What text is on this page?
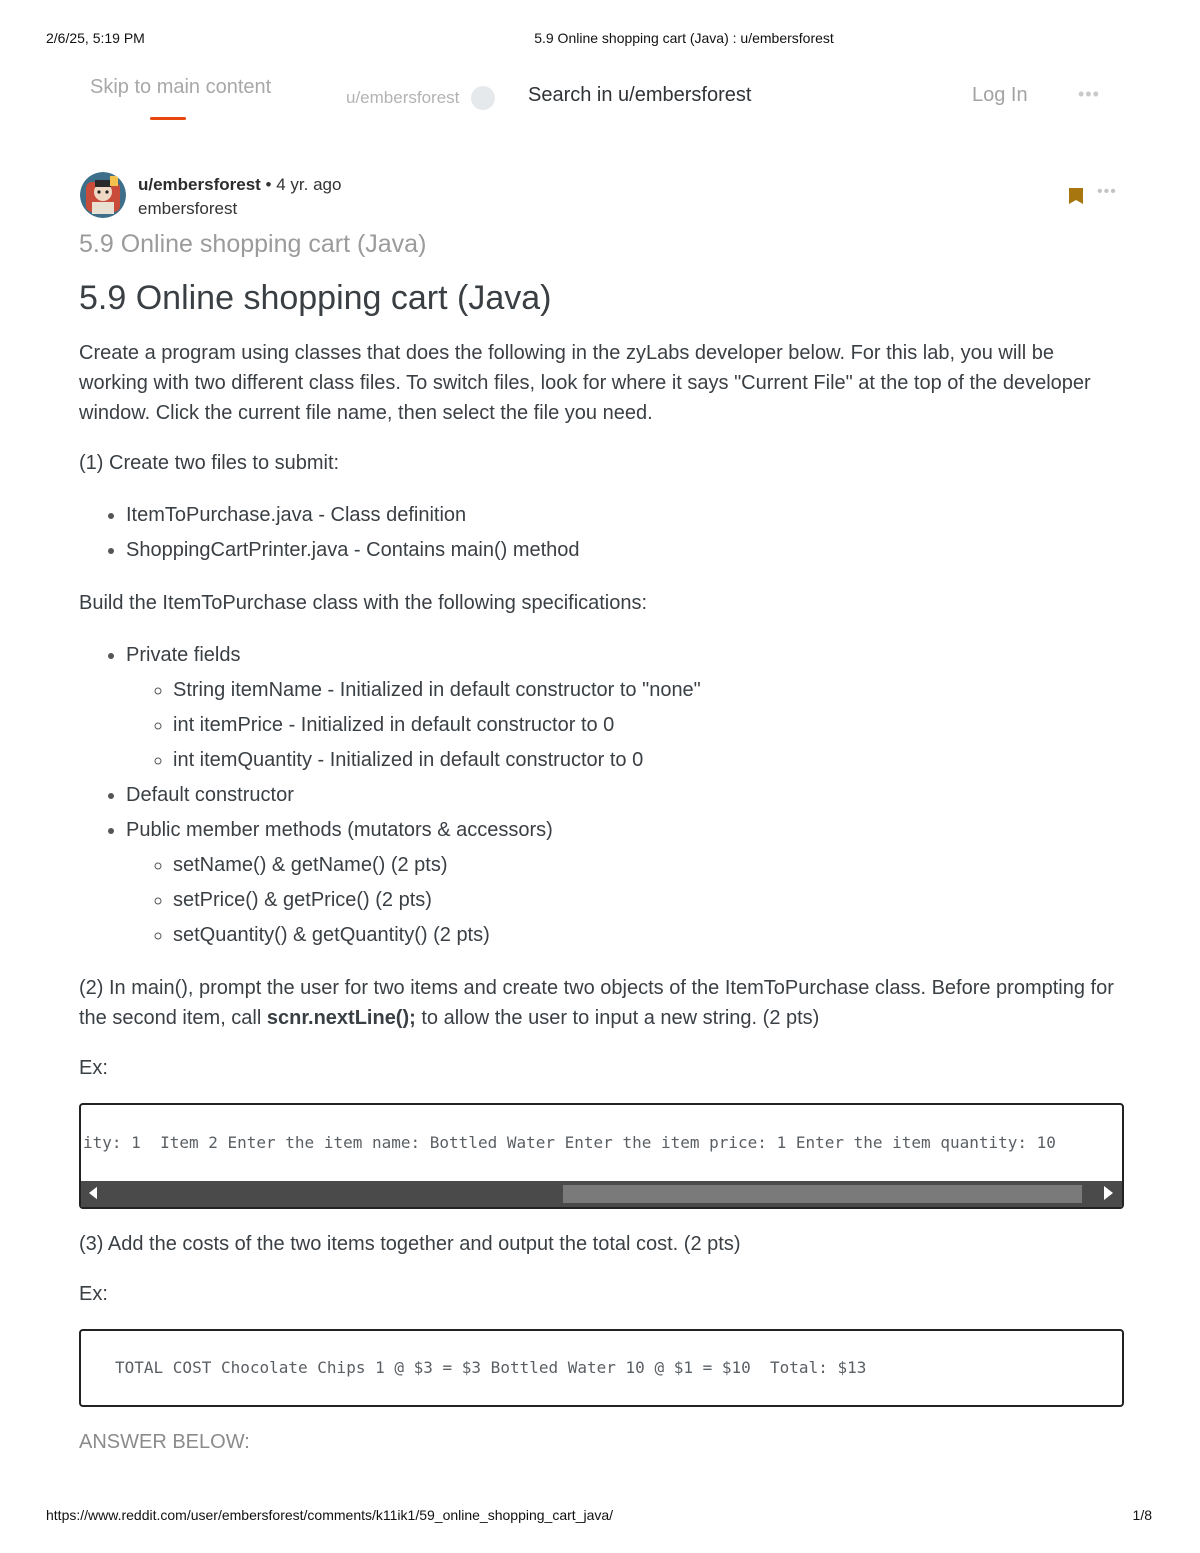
2/6/25, 5:19 PM	5.9 Online shopping cart (Java) : u/embersforest
Skip to main content	u/embersforest	Search in u/embersforest	Log In	•••
u/embersforest • 4 yr. ago
embersforest
•••
5.9 Online shopping cart (Java)
5.9 Online shopping cart (Java)

Create a program using classes that does the following in the zyLabs developer below. For this lab, you will be working with two different class files. To switch files, look for where it says "Current File" at the top of the developer window. Click the current file name, then select the file you need.

(1) Create two files to submit:

• ItemToPurchase.java - Class definition
• ShoppingCartPrinter.java - Contains main() method

Build the ItemToPurchase class with the following specifications:

• Private fields
◦ String itemName - Initialized in default constructor to "none"
◦ int itemPrice - Initialized in default constructor to 0
◦ int itemQuantity - Initialized in default constructor to 0
• Default constructor
• Public member methods (mutators & accessors)
◦ setName() & getName() (2 pts)
◦ setPrice() & getPrice() (2 pts)
◦ setQuantity() & getQuantity() (2 pts)

(2) In main(), prompt the user for two items and create two objects of the ItemToPurchase class. Before prompting for the second item, call scnr.nextLine(); to allow the user to input a new string. (2 pts)

Ex:

ity: 1  Item 2 Enter the item name: Bottled Water Enter the item price: 1 Enter the item quantity: 10

(3) Add the costs of the two items together and output the total cost. (2 pts)

Ex:

TOTAL COST Chocolate Chips 1 @ $3 = $3 Bottled Water 10 @ $1 = $10  Total: $13

ANSWER BELOW:

https://www.reddit.com/user/embersforest/comments/k11ik1/59_online_shopping_cart_java/	1/8
